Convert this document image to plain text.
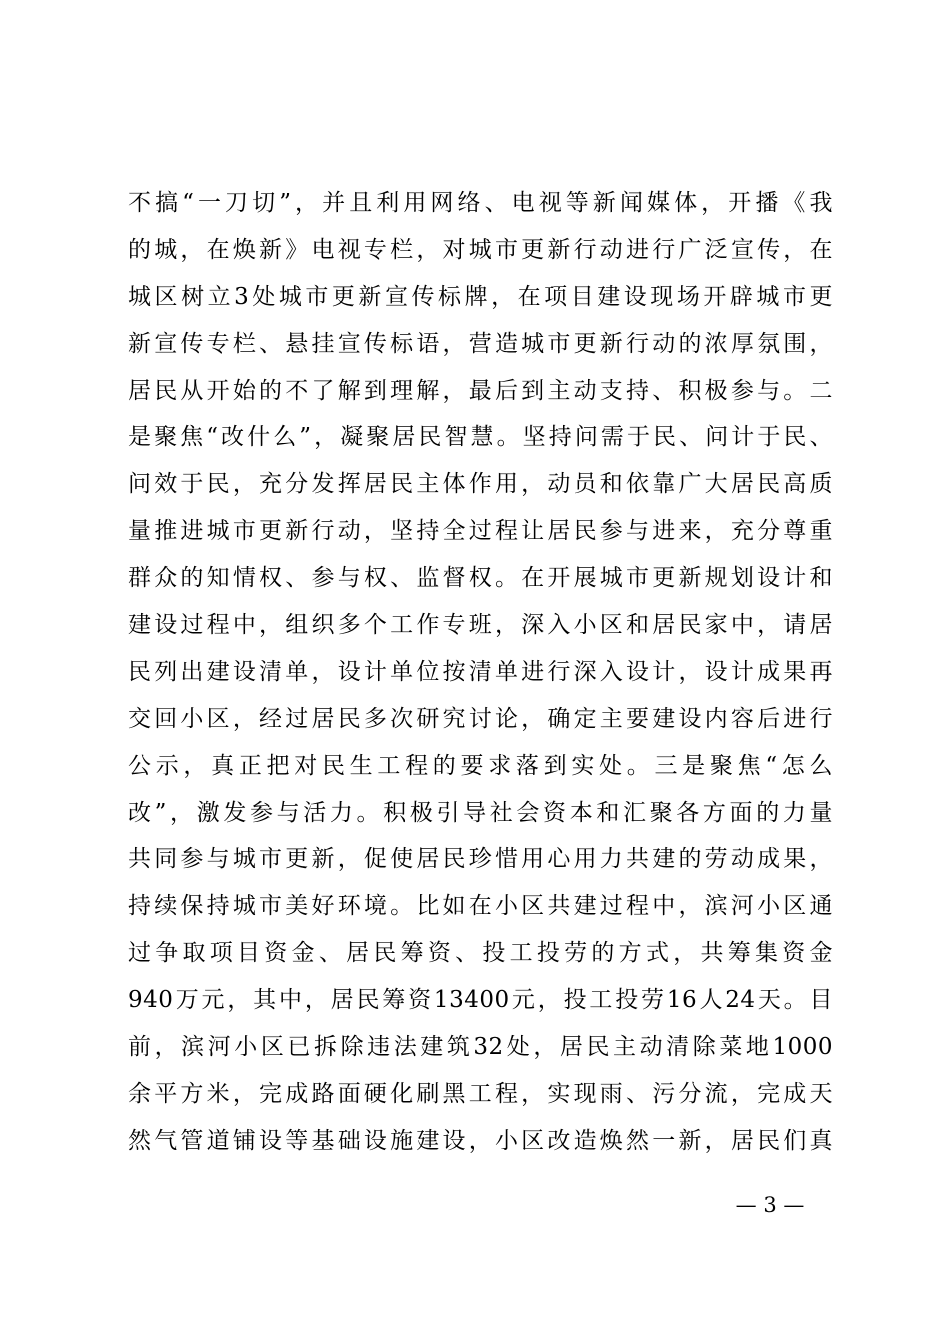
不搞“一刀切”，并且利用网络、电视等新闻媒体，开播《我
的城，在焕新》电视专栏，对城市更新行动进行广泛宣传，在
城区树立3处城市更新宣传标牌，在项目建设现场开辟城市更
新宣传专栏、悬挂宣传标语，营造城市更新行动的浓厚氛围，
居民从开始的不了解到理解，最后到主动支持、积极参与。二
是聚焦“改什么”，凝聚居民智慧。坚持问需于民、问计于民、
问效于民，充分发挥居民主体作用，动员和依靠广大居民高质
量推进城市更新行动，坚持全过程让居民参与进来，充分尊重
群众的知情权、参与权、监督权。在开展城市更新规划设计和
建设过程中，组织多个工作专班，深入小区和居民家中，请居
民列出建设清单，设计单位按清单进行深入设计，设计成果再
交回小区，经过居民多次研究讨论，确定主要建设内容后进行
公示，真正把对民生工程的要求落到实处。三是聚焦“怎么
改”，激发参与活力。积极引导社会资本和汇聚各方面的力量
共同参与城市更新，促使居民珍惜用心用力共建的劳动成果，
持续保持城市美好环境。比如在小区共建过程中，滨河小区通
过争取项目资金、居民筹资、投工投劳的方式，共筹集资金
940万元，其中，居民筹资13400元，投工投劳16人24天。目
前，滨河小区已拆除违法建筑32处，居民主动清除菜地1000
余平方米，完成路面硬化刷黑工程，实现雨、污分流，完成天
然气管道铺设等基础设施建设，小区改造焕然一新，居民们真
— 3 —
